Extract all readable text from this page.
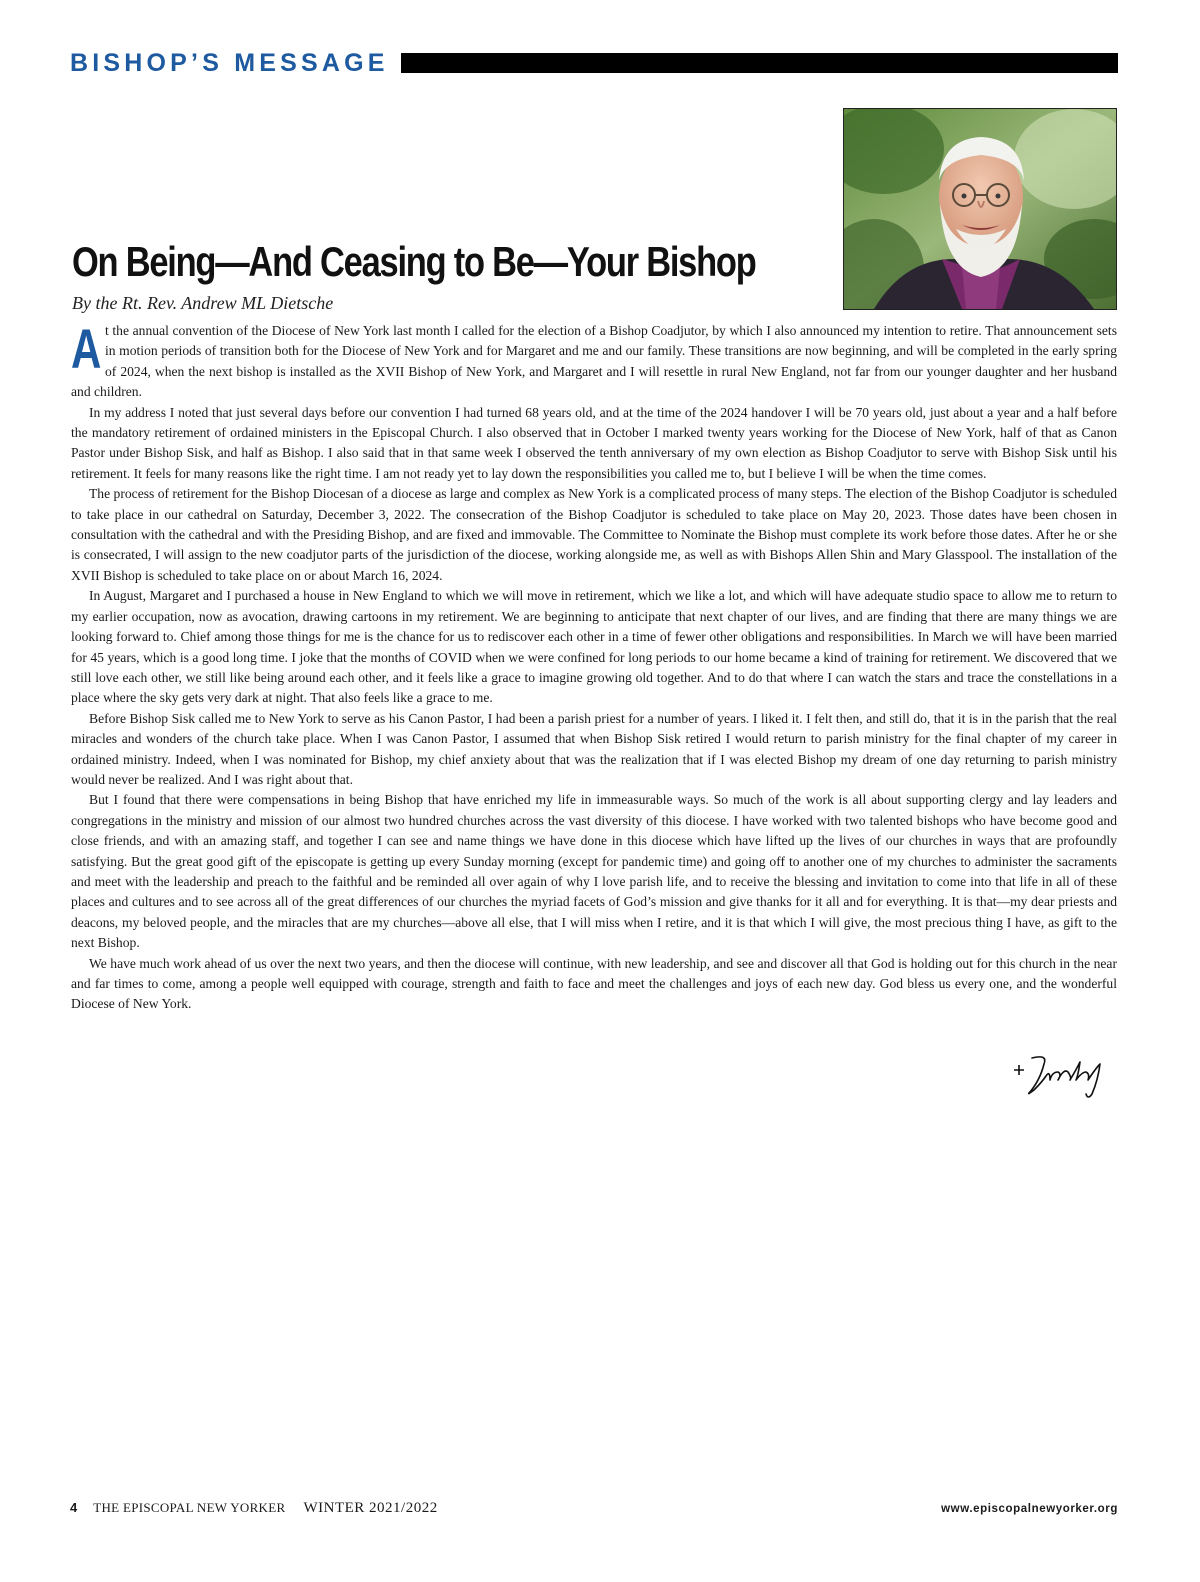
BISHOP’S MESSAGE
On Being—And Ceasing to Be—Your Bishop

By the Rt. Rev. Andrew ML Dietsche

At the annual convention of the Diocese of New York last month I called for the election of a Bishop Coadjutor, by which I also announced my intention to retire. That announcement sets in motion periods of transition both for the Diocese of New York and for Margaret and me and our family. These transitions are now beginning, and will be completed in the early spring of 2024, when the next bishop is installed as the XVII Bishop of New York, and Margaret and I will resettle in rural New England, not far from our younger daughter and her husband and children.

In my address I noted that just several days before our convention I had turned 68 years old, and at the time of the 2024 handover I will be 70 years old, just about a year and a half before the mandatory retirement of ordained ministers in the Episcopal Church. I also observed that in October I marked twenty years working for the Diocese of New York, half of that as Canon Pastor under Bishop Sisk, and half as Bishop. I also said that in that same week I observed the tenth anniversary of my own election as Bishop Coadjutor to serve with Bishop Sisk until his retirement. It feels for many reasons like the right time. I am not ready yet to lay down the responsibilities you called me to, but I believe I will be when the time comes.

The process of retirement for the Bishop Diocesan of a diocese as large and complex as New York is a complicated process of many steps. The election of the Bishop Coadjutor is scheduled to take place in our cathedral on Saturday, December 3, 2022. The consecration of the Bishop Coadjutor is scheduled to take place on May 20, 2023. Those dates have been chosen in consultation with the cathedral and with the Presiding Bishop, and are fixed and immovable. The Committee to Nominate the Bishop must complete its work before those dates. After he or she is consecrated, I will assign to the new coadjutor parts of the jurisdiction of the diocese, working alongside me, as well as with Bishops Allen Shin and Mary Glasspool. The installation of the XVII Bishop is scheduled to take place on or about March 16, 2024.

In August, Margaret and I purchased a house in New England to which we will move in retirement, which we like a lot, and which will have adequate studio space to allow me to return to my earlier occupation, now as avocation, drawing cartoons in my retirement. We are beginning to anticipate that next chapter of our lives, and are finding that there are many things we are looking forward to. Chief among those things for me is the chance for us to rediscover each other in a time of fewer other obligations and responsibilities. In March we will have been married for 45 years, which is a good long time. I joke that the months of COVID when we were confined for long periods to our home became a kind of training for retirement. We discovered that we still love each other, we still like being around each other, and it feels like a grace to imagine growing old together. And to do that where I can watch the stars and trace the constellations in a place where the sky gets very dark at night. That also feels like a grace to me.

Before Bishop Sisk called me to New York to serve as his Canon Pastor, I had been a parish priest for a number of years. I liked it. I felt then, and still do, that it is in the parish that the real miracles and wonders of the church take place. When I was Canon Pastor, I assumed that when Bishop Sisk retired I would return to parish ministry for the final chapter of my career in ordained ministry. Indeed, when I was nominated for Bishop, my chief anxiety about that was the realization that if I was elected Bishop my dream of one day returning to parish ministry would never be realized. And I was right about that.

But I found that there were compensations in being Bishop that have enriched my life in immeasurable ways. So much of the work is all about supporting clergy and lay leaders and congregations in the ministry and mission of our almost two hundred churches across the vast diversity of this diocese. I have worked with two talented bishops who have become good and close friends, and with an amazing staff, and together I can see and name things we have done in this diocese which have lifted up the lives of our churches in ways that are profoundly satisfying. But the great good gift of the episcopate is getting up every Sunday morning (except for pandemic time) and going off to another one of my churches to administer the sacraments and meet with the leadership and preach to the faithful and be reminded all over again of why I love parish life, and to receive the blessing and invitation to come into that life in all of these places and cultures and to see across all of the great differences of our churches the myriad facets of God’s mission and give thanks for it all and for everything. It is that—my dear priests and deacons, my beloved people, and the miracles that are my churches—above all else, that I will miss when I retire, and it is that which I will give, the most precious thing I have, as gift to the next Bishop.

We have much work ahead of us over the next two years, and then the diocese will continue, with new leadership, and see and discover all that God is holding out for this church in the near and far times to come, among a people well equipped with courage, strength and faith to face and meet the challenges and joys of each new day. God bless us every one, and the wonderful Diocese of New York.

4 THE EPISCOPAL NEW YORKER WINTER 2021/2022	www.episcopalnewyorker.org
